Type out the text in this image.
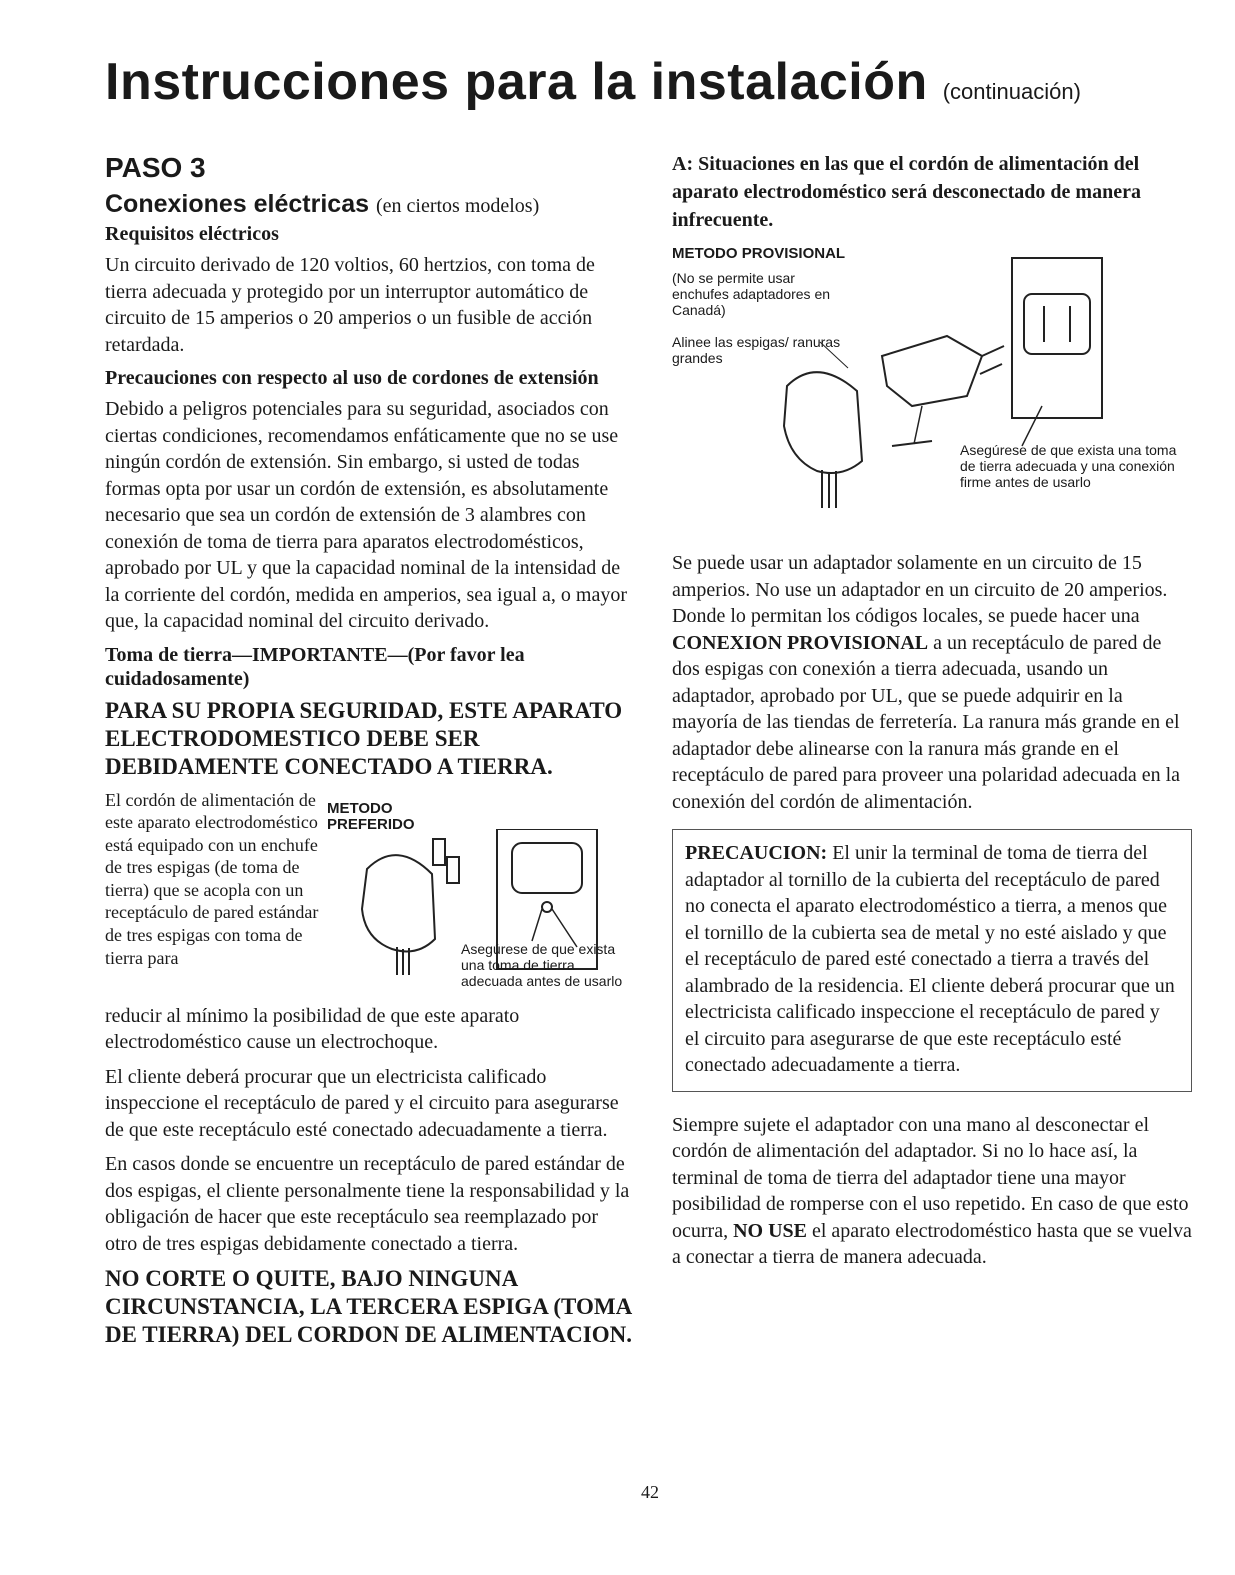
Instrucciones para la instalación (continuación)
PASO 3
Conexiones eléctricas (en ciertos modelos)
Requisitos eléctricos

Un circuito derivado de 120 voltios, 60 hertzios, con toma de tierra adecuada y protegido por un interruptor automático de circuito de 15 amperios o 20 amperios o un fusible de acción retardada.

Precauciones con respecto al uso de cordones de extensión

Debido a peligros potenciales para su seguridad, asociados con ciertas condiciones, recomendamos enfáticamente que no se use ningún cordón de extensión. Sin embargo, si usted de todas formas opta por usar un cordón de extensión, es absolutamente necesario que sea un cordón de extensión de 3 alambres con conexión de toma de tierra para aparatos electrodomésticos, aprobado por UL y que la capacidad nominal de la intensidad de la corriente del cordón, medida en amperios, sea igual a, o mayor que, la capacidad nominal del circuito derivado.

Toma de tierra—IMPORTANTE—(Por favor lea cuidadosamente)
PARA SU PROPIA SEGURIDAD, ESTE APARATO ELECTRODOMESTICO DEBE SER DEBIDAMENTE CONECTADO A TIERRA.
El cordón de alimentación de este aparato electrodoméstico está equipado con un enchufe de tres espigas (de toma de tierra) que se acopla con un receptáculo de pared estándar de tres espigas con toma de tierra para
METODO PREFERIDO
Asegúrese de que exista una toma de tierra adecuada antes de usarlo

reducir al mínimo la posibilidad de que este aparato electrodoméstico cause un electrochoque.

El cliente deberá procurar que un electricista calificado inspeccione el receptáculo de pared y el circuito para asegurarse de que este receptáculo esté conectado adecuadamente a tierra.

En casos donde se encuentre un receptáculo de pared estándar de dos espigas, el cliente personalmente tiene la responsabilidad y la obligación de hacer que este receptáculo sea reemplazado por otro de tres espigas debidamente conectado a tierra.

NO CORTE O QUITE, BAJO NINGUNA CIRCUNSTANCIA, LA TERCERA ESPIGA (TOMA DE TIERRA) DEL CORDON DE ALIMENTACION.
A: Situaciones en las que el cordón de alimentación del aparato electrodoméstico será desconectado de manera infrecuente.
METODO PROVISIONAL
(No se permite usar enchufes adaptadores en Canadá)
Alinee las espigas/ ranuras grandes
Asegúrese de que exista una toma de tierra adecuada y una conexión firme antes de usarlo

Se puede usar un adaptador solamente en un circuito de 15 amperios. No use un adaptador en un circuito de 20 amperios. Donde lo permitan los códigos locales, se puede hacer una CONEXION PROVISIONAL a un receptáculo de pared de dos espigas con conexión a tierra adecuada, usando un adaptador, aprobado por UL, que se puede adquirir en la mayoría de las tiendas de ferretería. La ranura más grande en el adaptador debe alinearse con la ranura más grande en el receptáculo de pared para proveer una polaridad adecuada en la conexión del cordón de alimentación.

PRECAUCION: El unir la terminal de toma de tierra del adaptador al tornillo de la cubierta del receptáculo de pared no conecta el aparato electrodoméstico a tierra, a menos que el tornillo de la cubierta sea de metal y no esté aislado y que el receptáculo de pared esté conectado a tierra a través del alambrado de la residencia. El cliente deberá procurar que un electricista calificado inspeccione el receptáculo de pared y el circuito para asegurarse de que este receptáculo esté conectado adecuadamente a tierra.

Siempre sujete el adaptador con una mano al desconectar el cordón de alimentación del adaptador. Si no lo hace así, la terminal de toma de tierra del adaptador tiene una mayor posibilidad de romperse con el uso repetido. En caso de que esto ocurra, NO USE el aparato electrodoméstico hasta que se vuelva a conectar a tierra de manera adecuada.

42
